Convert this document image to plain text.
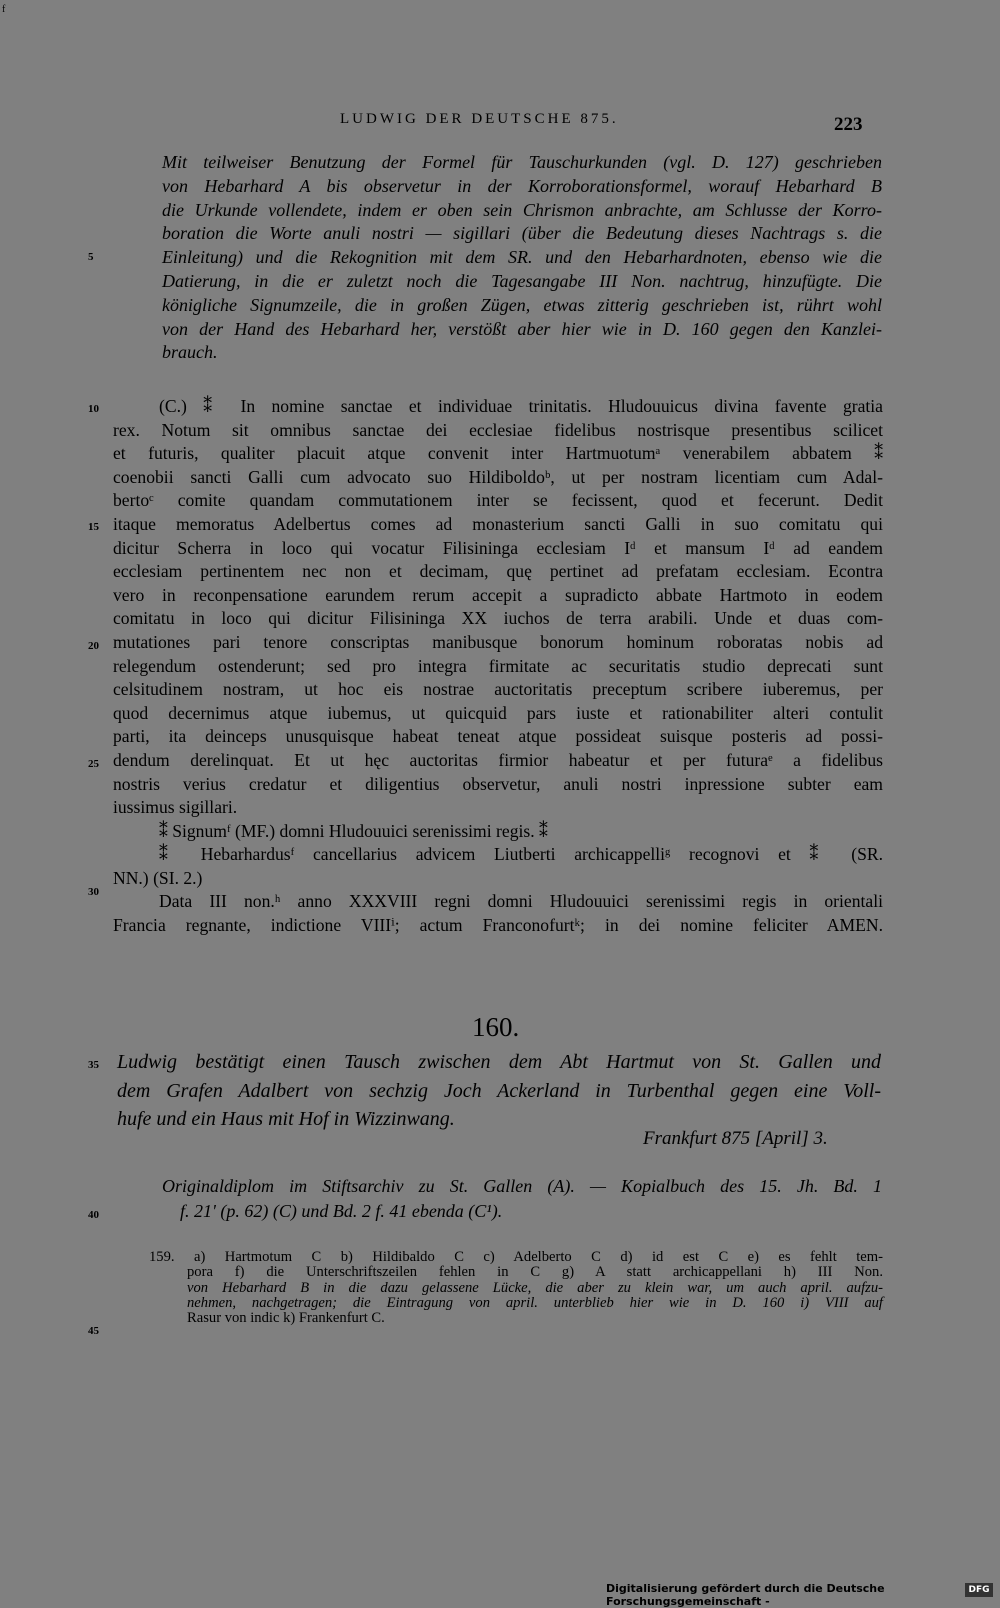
f
LUDWIG DER DEUTSCHE 875.	223
5
10
15
20
25
30
35
40
45
Mit teilweiser Benutzung der Formel für Tauschurkunden (vgl. D. 127) geschrieben
von Hebarhard A bis observetur in der Korroborationsformel, worauf Hebarhard B
die Urkunde vollendete, indem er oben sein Chrismon anbrachte, am Schlusse der Korro-
boration die Worte anuli nostri — sigillari (über die Bedeutung dieses Nachtrags s. die
Einleitung) und die Rekognition mit dem SR. und den Hebarhardnoten, ebenso wie die
Datierung, in die er zuletzt noch die Tagesangabe III Non. nachtrug, hinzufügte. Die
königliche Signumzeile, die in großen Zügen, etwas zitterig geschrieben ist, rührt wohl
von der Hand des Hebarhard her, verstößt aber hier wie in D. 160 gegen den Kanzlei-
brauch.
(C.) ⁑ In nomine sanctae et individuae trinitatis. Hludouuicus divina favente gratia
rex. Notum sit omnibus sanctae dei ecclesiae fidelibus nostrisque presentibus scilicet
et futuris, qualiter placuit atque convenit inter Hartmuotumᵃ venerabilem abbatem ⁑
coenobii sancti Galli cum advocato suo Hildiboldoᵇ, ut per nostram licentiam cum Adal-
bertoᶜ comite quandam commutationem inter se fecissent, quod et fecerunt. Dedit
itaque memoratus Adelbertus comes ad monasterium sancti Galli in suo comitatu qui
dicitur Scherra in loco qui vocatur Filisininga ecclesiam Iᵈ et mansum Iᵈ ad eandem
ecclesiam pertinentem nec non et decimam, quę pertinet ad prefatam ecclesiam. Econtra
vero in reconpensatione earundem rerum accepit a supradicto abbate Hartmoto in eodem
comitatu in loco qui dicitur Filisininga XX iuchos de terra arabili. Unde et duas com-
mutationes pari tenore conscriptas manibusque bonorum hominum roboratas nobis ad
relegendum ostenderunt; sed pro integra firmitate ac securitatis studio deprecati sunt
celsitudinem nostram, ut hoc eis nostrae auctoritatis preceptum scribere iuberemus, per
quod decernimus atque iubemus, ut quicquid pars iuste et rationabiliter alteri contulit
parti, ita deinceps unusquisque habeat teneat atque possideat suisque posteris ad possi-
dendum derelinquat. Et ut hęc auctoritas firmior habeatur et per futuraᵉ a fidelibus
nostris verius credatur et diligentius observetur, anuli nostri inpressione subter eam
iussimus sigillari.
⁑ Signumᶠ (MF.) domni Hludouuici serenissimi regis. ⁑
⁑ Hebarhardusᶠ cancellarius advicem Liutberti archicappelliᵍ recognovi et ⁑ (SR.
NN.) (SI. 2.)
Data III non.ʰ anno XXXVIII regni domni Hludouuici serenissimi regis in orientali
Francia regnante, indictione VIIIⁱ; actum Franconofurtᵏ; in dei nomine feliciter AMEN.
160.
Ludwig bestätigt einen Tausch zwischen dem Abt Hartmut von St. Gallen und
dem Grafen Adalbert von sechzig Joch Ackerland in Turbenthal gegen eine Voll-
hufe und ein Haus mit Hof in Wizzinwang.
Frankfurt 875 [April] 3.
Originaldiplom im Stiftsarchiv zu St. Gallen (A). — Kopialbuch des 15. Jh. Bd. 1
f. 21' (p. 62) (C) und Bd. 2 f. 41 ebenda (C¹).
159. a) Hartmotum C b) Hildibaldo C c) Adelberto C d) id est C e) es fehlt tem-
pora f) die Unterschriftszeilen fehlen in C g) A statt archicappellani h) III Non.
von Hebarhard B in die dazu gelassene Lücke, die aber zu klein war, um auch april. aufzu-
nehmen, nachgetragen; die Eintragung von april. unterblieb hier wie in D. 160 i) VIII auf
Rasur von indic k) Frankenfurt C.
Digitalisierung gefördert durch die Deutsche Forschungsgemeinschaft -
DFG
